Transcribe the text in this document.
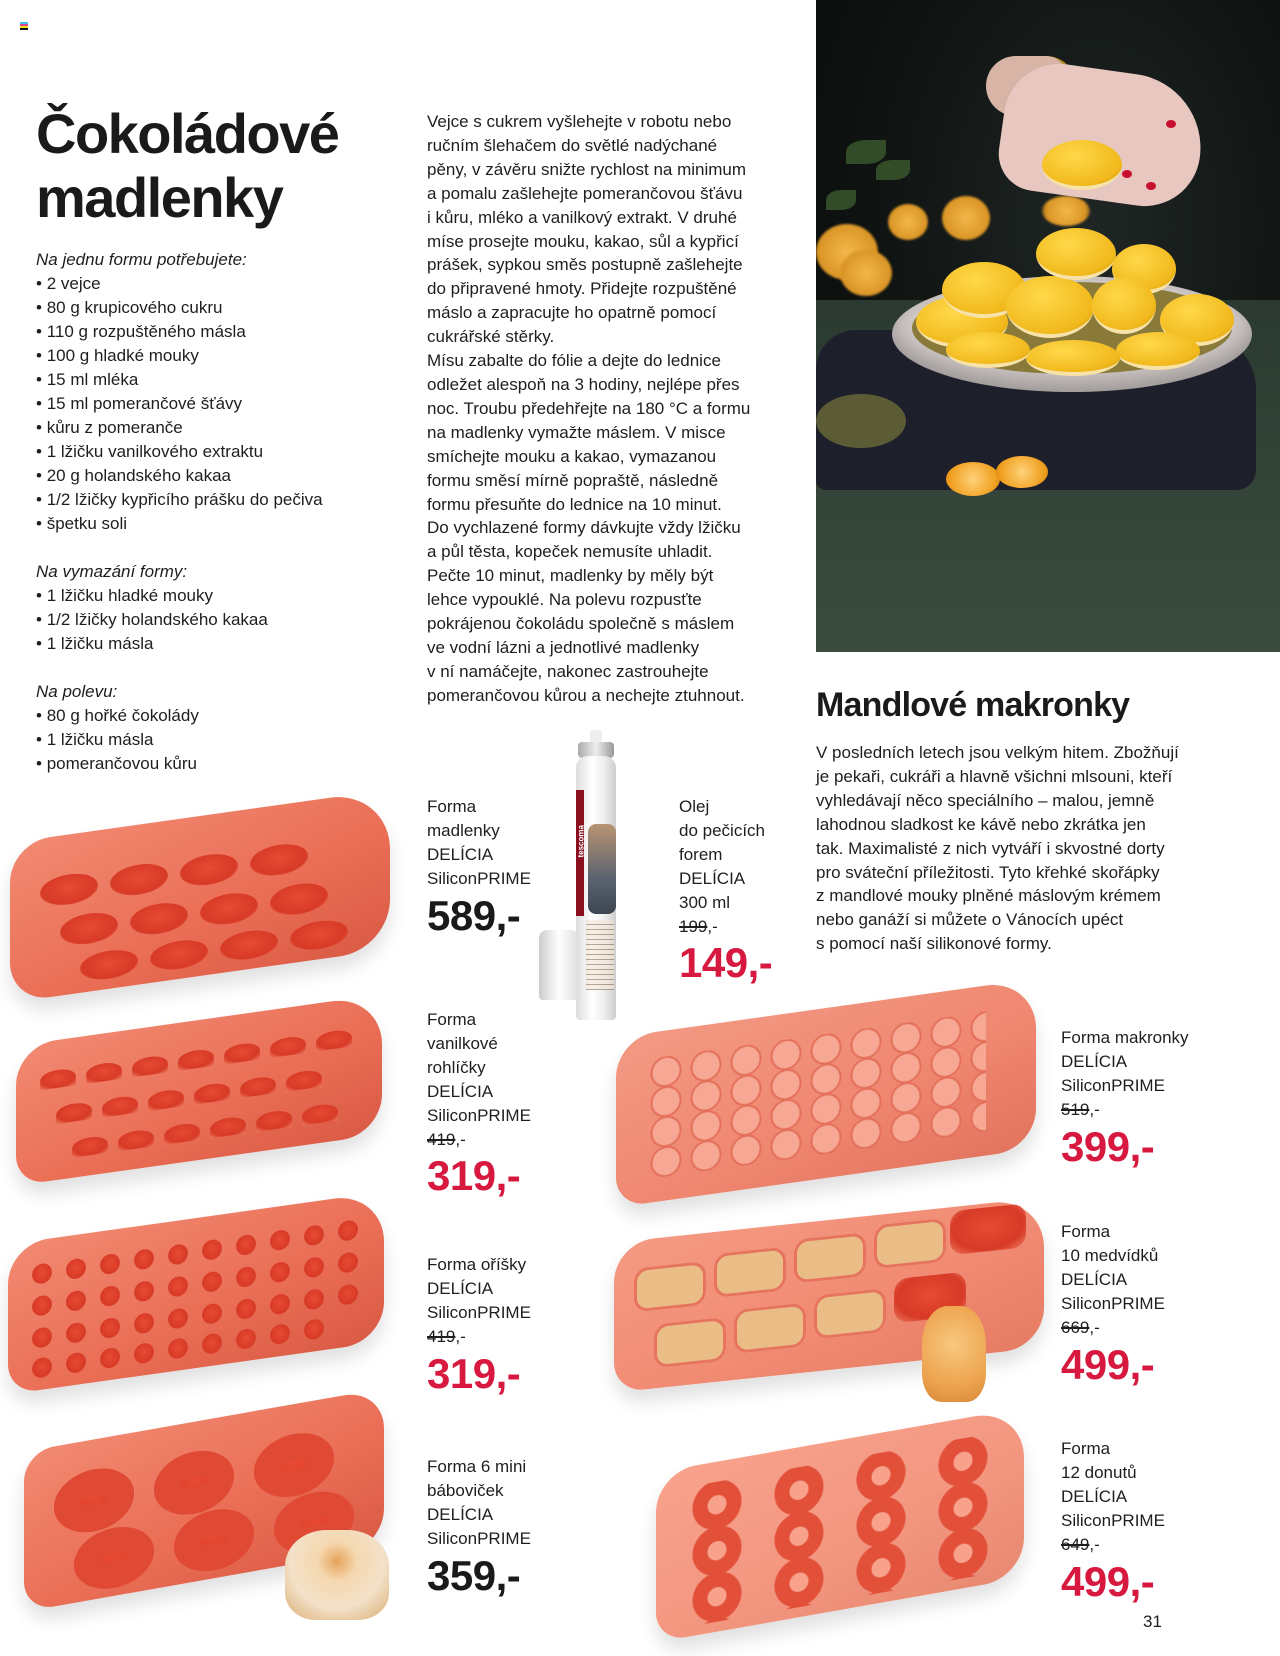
Čokoládové
madlenky
Na jednu formu potřebujete:
• 2 vejce
• 80 g krupicového cukru
• 110 g rozpuštěného másla
• 100 g hladké mouky
• 15 ml mléka
• 15 ml pomerančové šťávy
• kůru z pomeranče
• 1 lžičku vanilkového extraktu
• 20 g holandského kakaa
• 1/2 lžičky kypřicího prášku do pečiva
• špetku soli
Na vymazání formy:
• 1 lžičku hladké mouky
• 1/2 lžičky holandského kakaa
• 1 lžičku másla
Na polevu:
• 80 g hořké čokolády
• 1 lžičku másla
• pomerančovou kůru
Vejce s cukrem vyšlehejte v robotu nebo
ručním šlehačem do světlé nadýchané
pěny, v závěru snižte rychlost na minimum
a pomalu zašlehejte pomerančovou šťávu
i kůru, mléko a vanilkový extrakt. V druhé
míse prosejte mouku, kakao, sůl a kypřicí
prášek, sypkou směs postupně zašlehejte
do připravené hmoty. Přidejte rozpuštěné
máslo a zapracujte ho opatrně pomocí
cukrářské stěrky.
Mísu zabalte do fólie a dejte do lednice
odležet alespoň na 3 hodiny, nejlépe přes
noc. Troubu předehřejte na 180 °C a formu
na madlenky vymažte máslem. V misce
smíchejte mouku a kakao, vymazanou
formu směsí mírně popraště, následně
formu přesuňte do lednice na 10 minut.
Do vychlazené formy dávkujte vždy lžičku
a půl těsta, kopeček nemusíte uhladit.
Pečte 10 minut, madlenky by měly být
lehce vypouklé. Na polevu rozpusťte
pokrájenou čokoládu společně s máslem
ve vodní lázni a jednotlivé madlenky
v ní namáčejte, nakonec zastrouhejte
pomerančovou kůrou a nechejte ztuhnout.	Mandlové makronky
V posledních letech jsou velkým hitem. Zbožňují
je pekaři, cukráři a hlavně všichni mlsouni, kteří
vyhledávají něco speciálního – malou, jemně
lahodnou sladkost ke kávě nebo zkrátka jen
tak. Maximalisté z nich vytváří i skvostné dorty
pro sváteční příležitosti. Tyto křehké skořápky
z mandlové mouky plněné máslovým krémem
nebo ganáží si můžete o Vánocích upéct
s pomocí naší silikonové formy.
tescoma
Forma
madlenky
DELÍCIA
SiliconPRIME
589,-
Olej
do pečicích
forem
DELÍCIA
300 ml
199,-
149,-
Forma
vanilkové
rohlíčky
DELÍCIA
SiliconPRIME
419,-
319,-
Forma oříšky
DELÍCIA
SiliconPRIME
419,-
319,-
Forma 6 mini
báboviček
DELÍCIA
SiliconPRIME
359,-
Forma makronky
DELÍCIA
SiliconPRIME
519,-
399,-
Forma
10 medvídků
DELÍCIA
SiliconPRIME
669,-
499,-
Forma
12 donutů
DELÍCIA
SiliconPRIME
649,-
499,-
31
